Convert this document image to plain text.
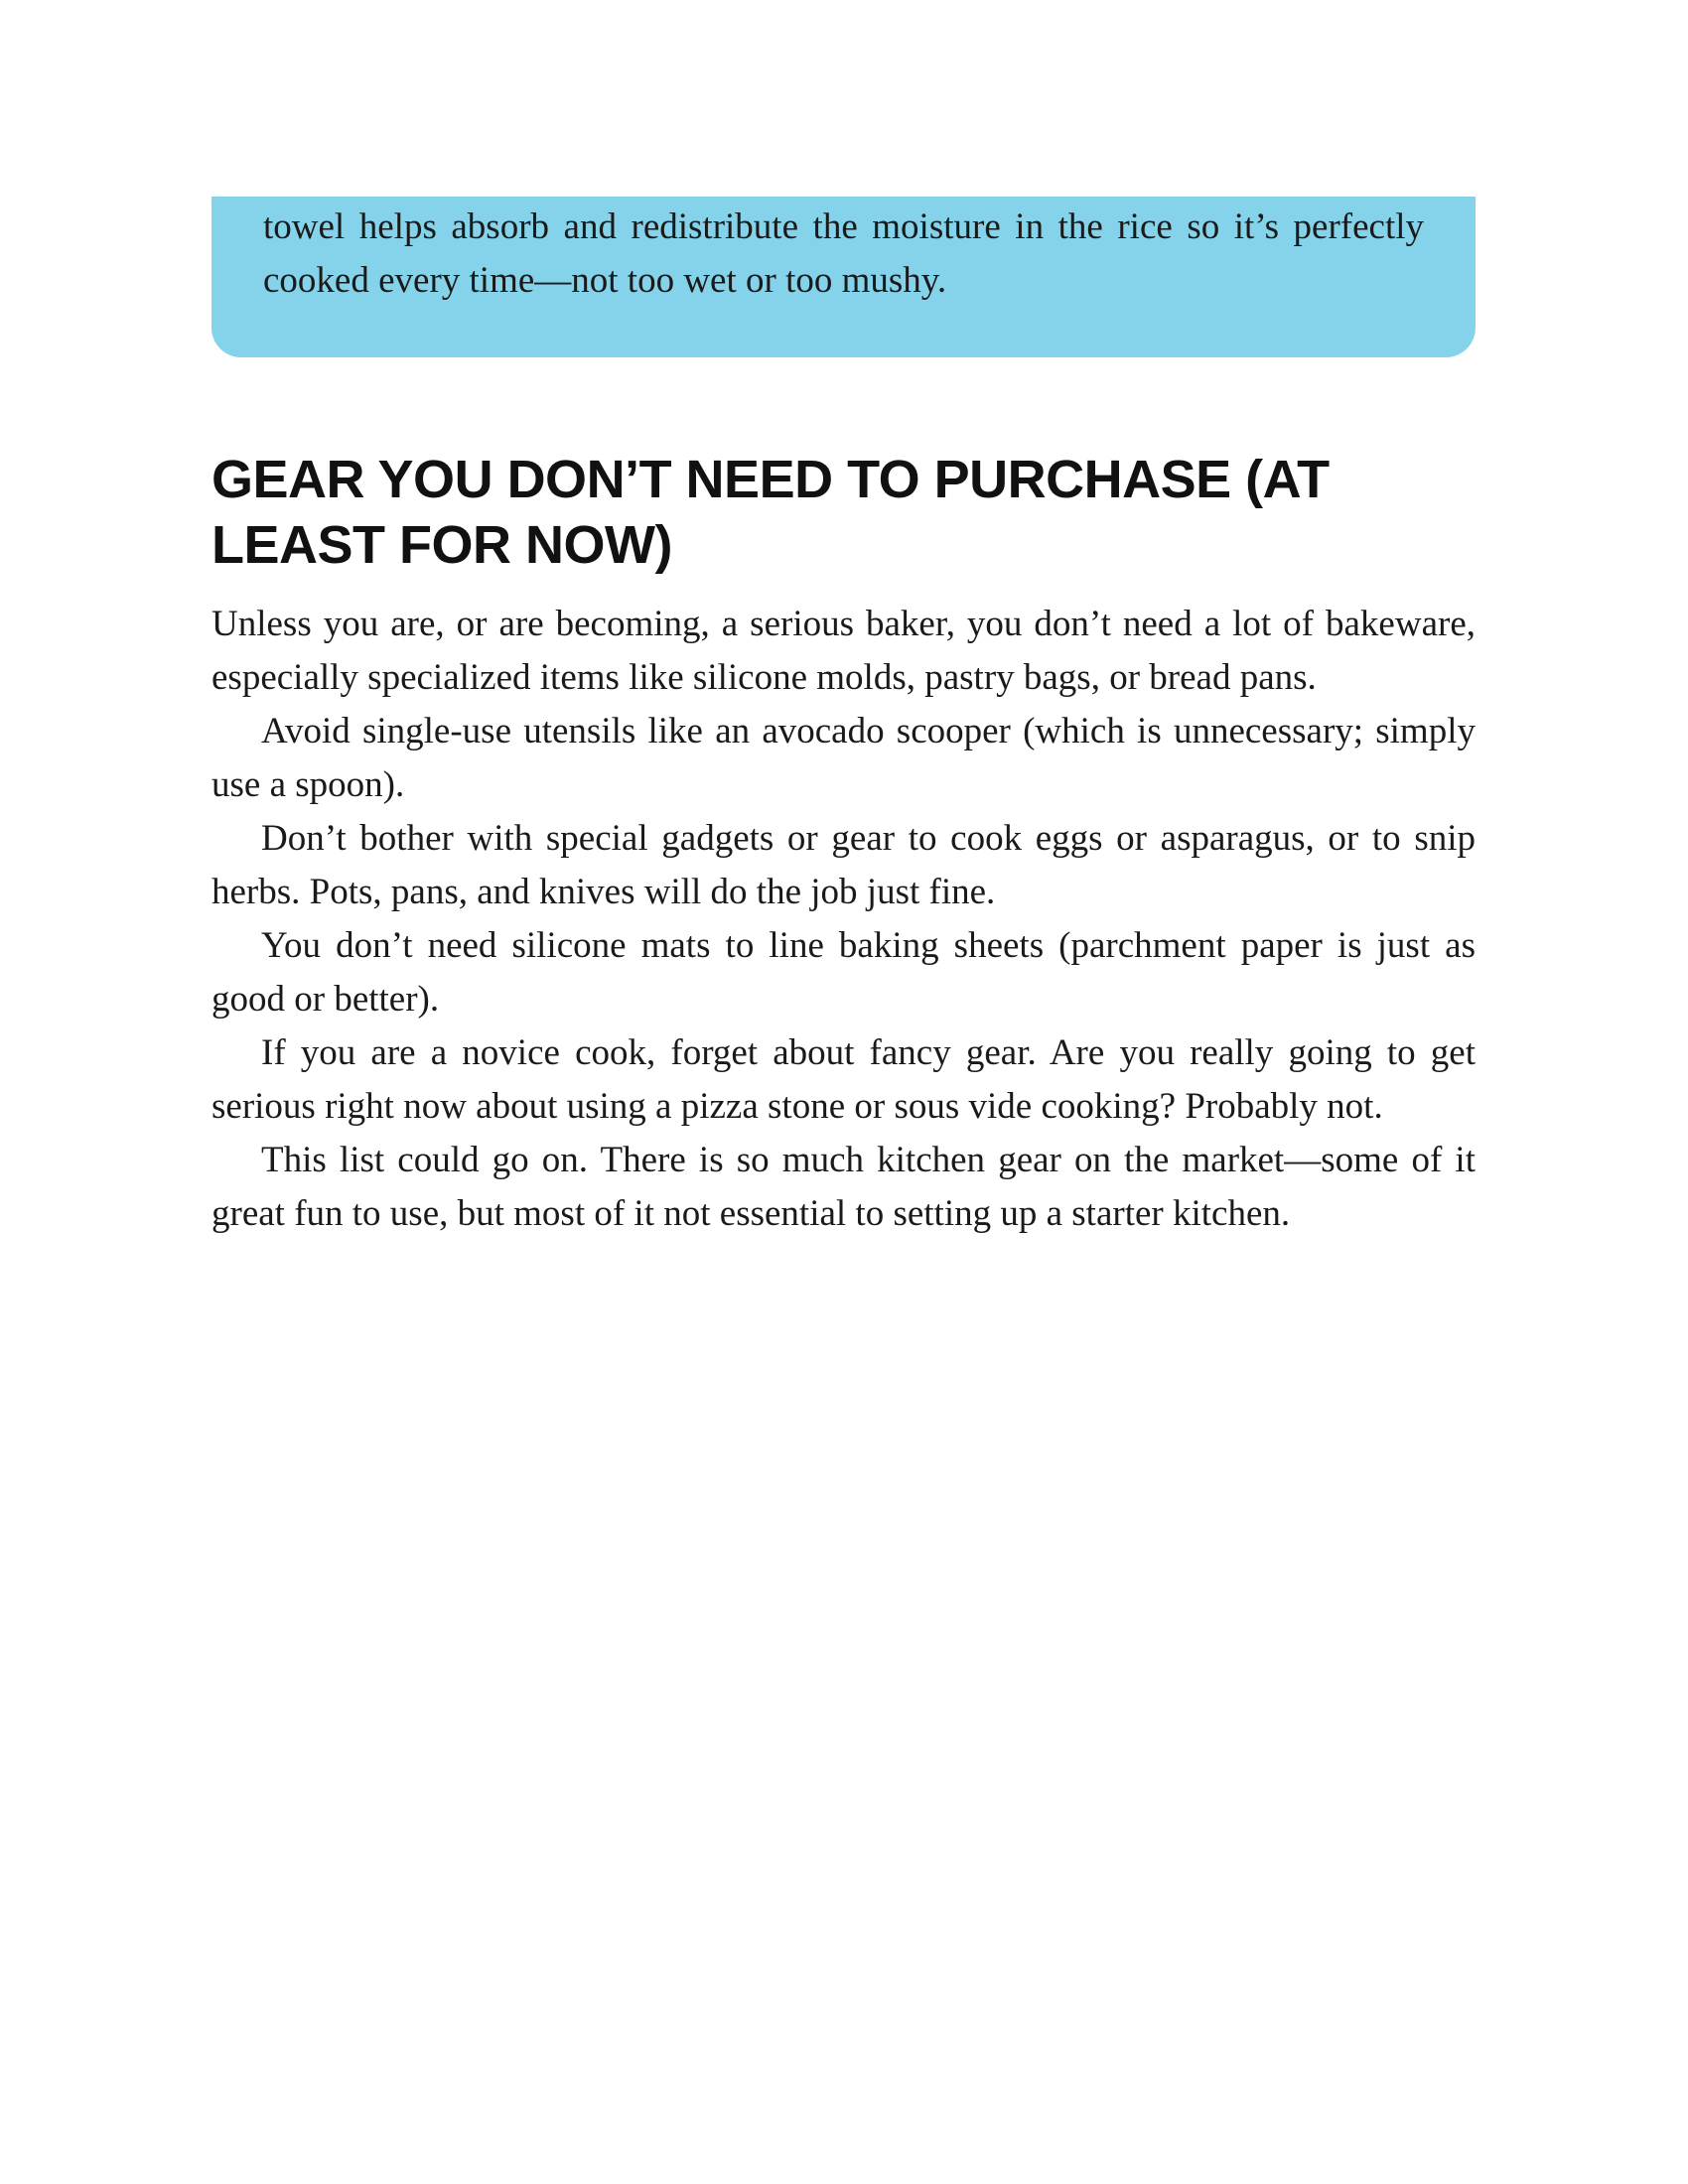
towel helps absorb and redistribute the moisture in the rice so it’s perfectly cooked every time—not too wet or too mushy.

GEAR YOU DON’T NEED TO PURCHASE (AT LEAST FOR NOW)

Unless you are, or are becoming, a serious baker, you don’t need a lot of bakeware, especially specialized items like silicone molds, pastry bags, or bread pans.

Avoid single-use utensils like an avocado scooper (which is unnecessary; simply use a spoon).

Don’t bother with special gadgets or gear to cook eggs or asparagus, or to snip herbs. Pots, pans, and knives will do the job just fine.

You don’t need silicone mats to line baking sheets (parchment paper is just as good or better).

If you are a novice cook, forget about fancy gear. Are you really going to get serious right now about using a pizza stone or sous vide cooking? Probably not.

This list could go on. There is so much kitchen gear on the market—some of it great fun to use, but most of it not essential to setting up a starter kitchen.
